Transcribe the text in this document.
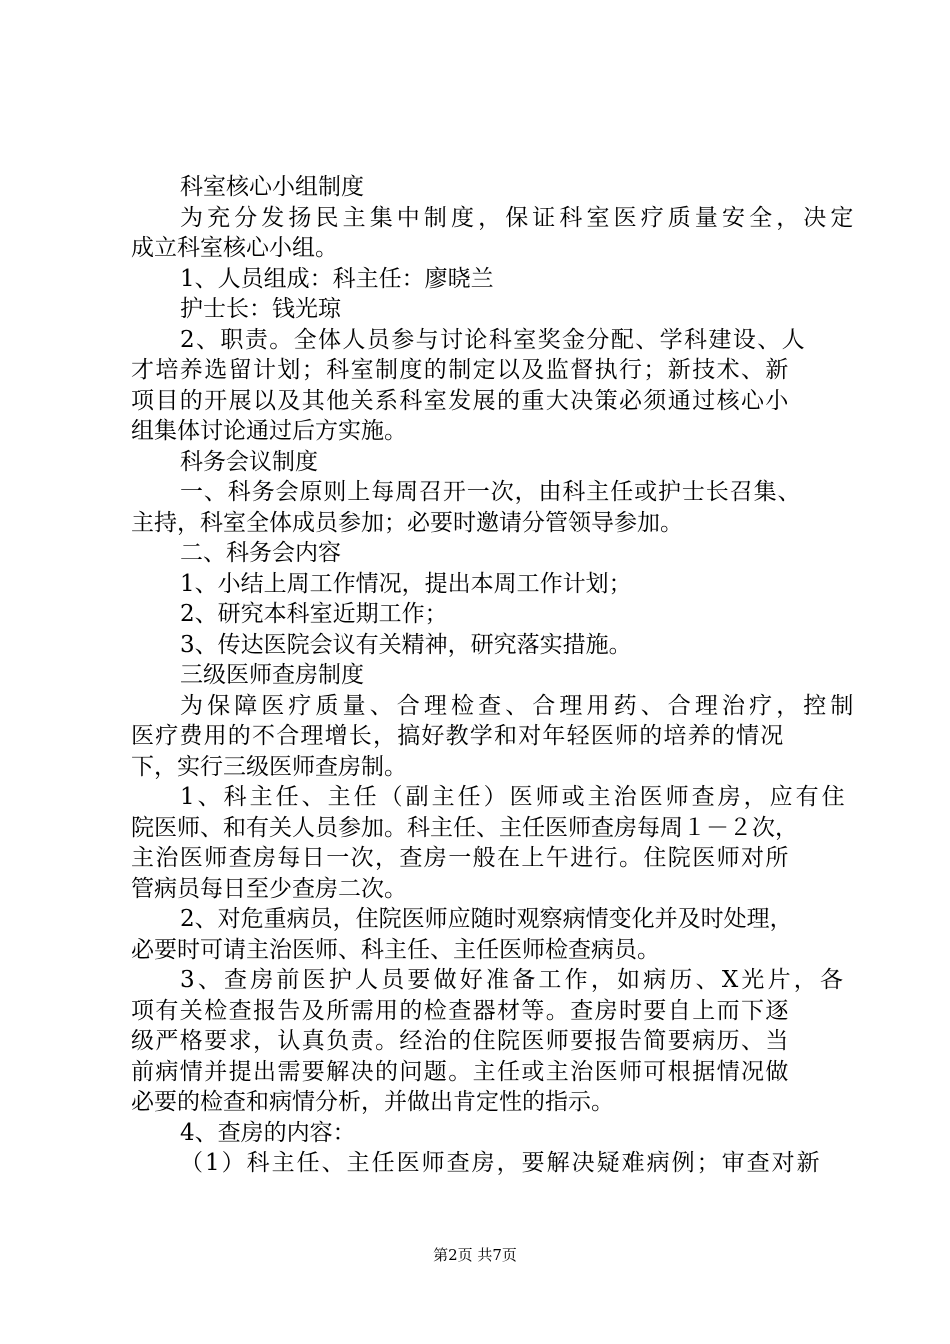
科室核心小组制度
为充分发扬民主集中制度，保证科室医疗质量安全，决定
成立科室核心小组。
1、人员组成：科主任：廖晓兰
护士长：钱光琼
2、职责。全体人员参与讨论科室奖金分配、学科建设、人
才培养选留计划；科室制度的制定以及监督执行；新技术、新
项目的开展以及其他关系科室发展的重大决策必须通过核心小
组集体讨论通过后方实施。
科务会议制度
一、科务会原则上每周召开一次，由科主任或护士长召集、
主持，科室全体成员参加；必要时邀请分管领导参加。
二、科务会内容
1、小结上周工作情况，提出本周工作计划；
2、研究本科室近期工作；
3、传达医院会议有关精神，研究落实措施。
三级医师查房制度
为保障医疗质量、合理检查、合理用药、合理治疗，控制
医疗费用的不合理增长，搞好教学和对年轻医师的培养的情况
下，实行三级医师查房制。
1、科主任、主任（副主任）医师或主治医师查房，应有住
院医师、和有关人员参加。科主任、主任医师查房每周１－２次，
主治医师查房每日一次，查房一般在上午进行。住院医师对所
管病员每日至少查房二次。
2、对危重病员，住院医师应随时观察病情变化并及时处理，
必要时可请主治医师、科主任、主任医师检查病员。
3、查房前医护人员要做好准备工作，如病历、X光片，各
项有关检查报告及所需用的检查器材等。查房时要自上而下逐
级严格要求，认真负责。经治的住院医师要报告简要病历、当
前病情并提出需要解决的问题。主任或主治医师可根据情况做
必要的检查和病情分析，并做出肯定性的指示。
4、查房的内容：
（1）科主任、主任医师查房，要解决疑难病例；审查对新
第2页 共7页
